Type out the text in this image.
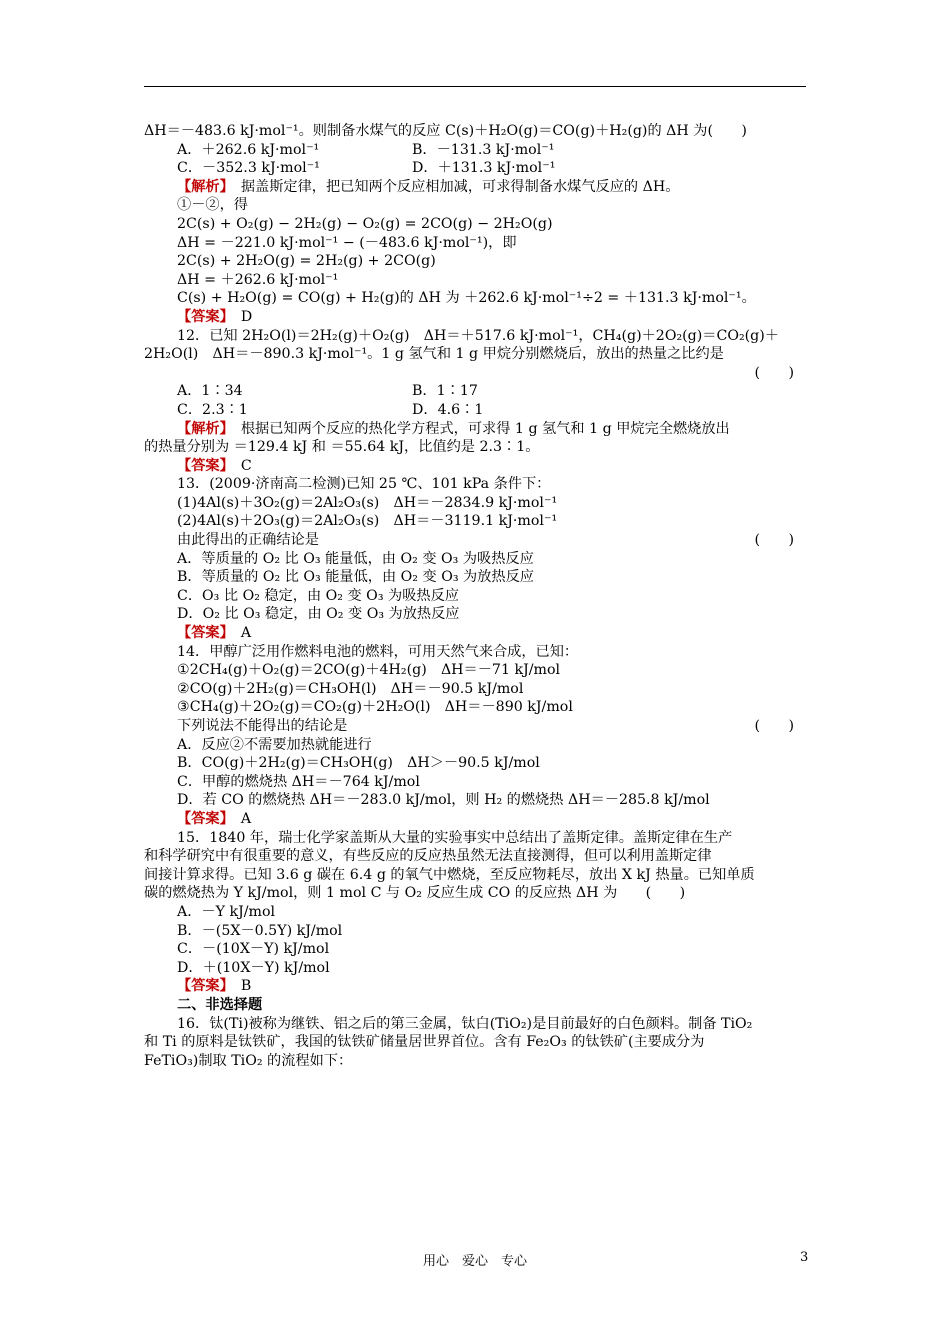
ΔH＝－483.6 kJ·mol⁻¹。则制备水煤气的反应 C(s)＋H₂O(g)＝CO(g)＋H₂(g)的 ΔH 为(　　)
A．＋262.6 kJ·mol⁻¹	B．－131.3 kJ·mol⁻¹
C．－352.3 kJ·mol⁻¹	D．＋131.3 kJ·mol⁻¹
【解析】　据盖斯定律，把已知两个反应相加减，可求得制备水煤气反应的 ΔH。
①－②，得
2C(s) + O₂(g) − 2H₂(g) − O₂(g) = 2CO(g) − 2H₂O(g)
ΔH = －221.0 kJ·mol⁻¹ − (－483.6 kJ·mol⁻¹)，即
2C(s) + 2H₂O(g) = 2H₂(g) + 2CO(g)
ΔH = ＋262.6 kJ·mol⁻¹
C(s) + H₂O(g) = CO(g) + H₂(g)的 ΔH 为 ＋262.6 kJ·mol⁻¹÷2 = ＋131.3 kJ·mol⁻¹。
【答案】　D
12．已知 2H₂O(l)＝2H₂(g)＋O₂(g)　ΔH＝＋517.6 kJ·mol⁻¹，CH₄(g)＋2O₂(g)＝CO₂(g)＋
2H₂O(l)　ΔH＝－890.3 kJ·mol⁻¹。1 g 氢气和 1 g 甲烷分别燃烧后，放出的热量之比约是
(　　)
A．1∶34	B．1∶17
C．2.3∶1	D．4.6∶1
【解析】　根据已知两个反应的热化学方程式，可求得 1 g 氢气和 1 g 甲烷完全燃烧放出
的热量分别为 ＝129.4 kJ 和 ＝55.64 kJ，比值约是 2.3∶1。
【答案】　C
13．(2009·济南高二检测)已知 25 ℃、101 kPa 条件下：
(1)4Al(s)＋3O₂(g)＝2Al₂O₃(s)　ΔH＝－2834.9 kJ·mol⁻¹
(2)4Al(s)＋2O₃(g)＝2Al₂O₃(s)　ΔH＝－3119.1 kJ·mol⁻¹
由此得出的正确结论是	(　　)
A．等质量的 O₂ 比 O₃ 能量低，由 O₂ 变 O₃ 为吸热反应
B．等质量的 O₂ 比 O₃ 能量低，由 O₂ 变 O₃ 为放热反应
C．O₃ 比 O₂ 稳定，由 O₂ 变 O₃ 为吸热反应
D．O₂ 比 O₃ 稳定，由 O₂ 变 O₃ 为放热反应
【答案】　A
14．甲醇广泛用作燃料电池的燃料，可用天然气来合成，已知：
①2CH₄(g)＋O₂(g)＝2CO(g)＋4H₂(g)　ΔH＝－71 kJ/mol
②CO(g)＋2H₂(g)＝CH₃OH(l)　ΔH＝－90.5 kJ/mol
③CH₄(g)＋2O₂(g)＝CO₂(g)＋2H₂O(l)　ΔH＝－890 kJ/mol
下列说法不能得出的结论是	(　　)
A．反应②不需要加热就能进行
B．CO(g)＋2H₂(g)＝CH₃OH(g)　ΔH＞－90.5 kJ/mol
C．甲醇的燃烧热 ΔH＝－764 kJ/mol
D．若 CO 的燃烧热 ΔH＝－283.0 kJ/mol，则 H₂ 的燃烧热 ΔH＝－285.8 kJ/mol
【答案】　A
15．1840 年，瑞士化学家盖斯从大量的实验事实中总结出了盖斯定律。盖斯定律在生产
和科学研究中有很重要的意义，有些反应的反应热虽然无法直接测得，但可以利用盖斯定律
间接计算求得。已知 3.6 g 碳在 6.4 g 的氧气中燃烧，至反应物耗尽，放出 X kJ 热量。已知单质
碳的燃烧热为 Y kJ/mol，则 1 mol C 与 O₂ 反应生成 CO 的反应热 ΔH 为　　(　　)
A．－Y kJ/mol
B．－(5X－0.5Y) kJ/mol
C．－(10X－Y) kJ/mol
D．＋(10X－Y) kJ/mol
【答案】　B
二、非选择题
16．钛(Ti)被称为继铁、铝之后的第三金属，钛白(TiO₂)是目前最好的白色颜料。制备 TiO₂
和 Ti 的原料是钛铁矿，我国的钛铁矿储量居世界首位。含有 Fe₂O₃ 的钛铁矿(主要成分为
FeTiO₃)制取 TiO₂ 的流程如下：
用心　爱心　专心	3
